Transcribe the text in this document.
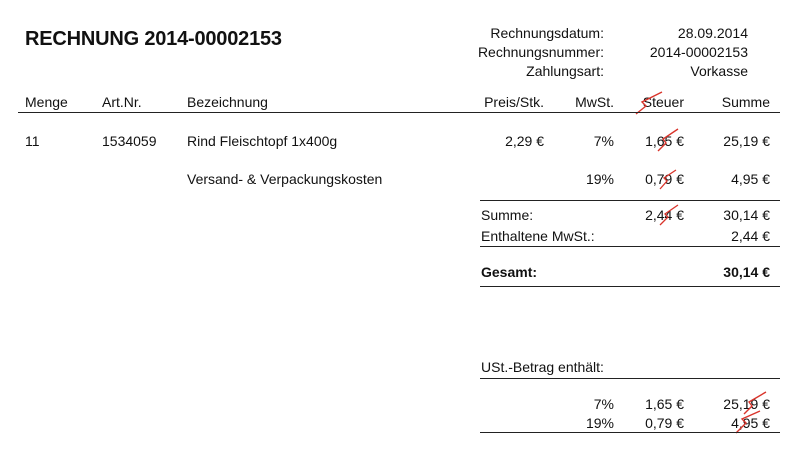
RECHNUNG 2014-00002153	Rechnungsdatum:	28.09.2014
Rechnungsnummer:	2014-00002153
Zahlungsart:	Vorkasse
Menge Art.Nr.	Bezeichnung	Preis/Stk.	MwSt.	Steuer	Summe
11	1534059 Rind Fleischtopf 1x400g	2,29 €	7%	1,65 €	25,19 €
Versand- & Verpackungskosten	19%	0,79 €	4,95 €
Summe:	2,44 €	30,14 €
Enthaltene MwSt.:	2,44 €
Gesamt:	30,14 €
USt.-Betrag enthält:
7%	1,65 €	25,19 €
19%	0,79 €	4,95 €
